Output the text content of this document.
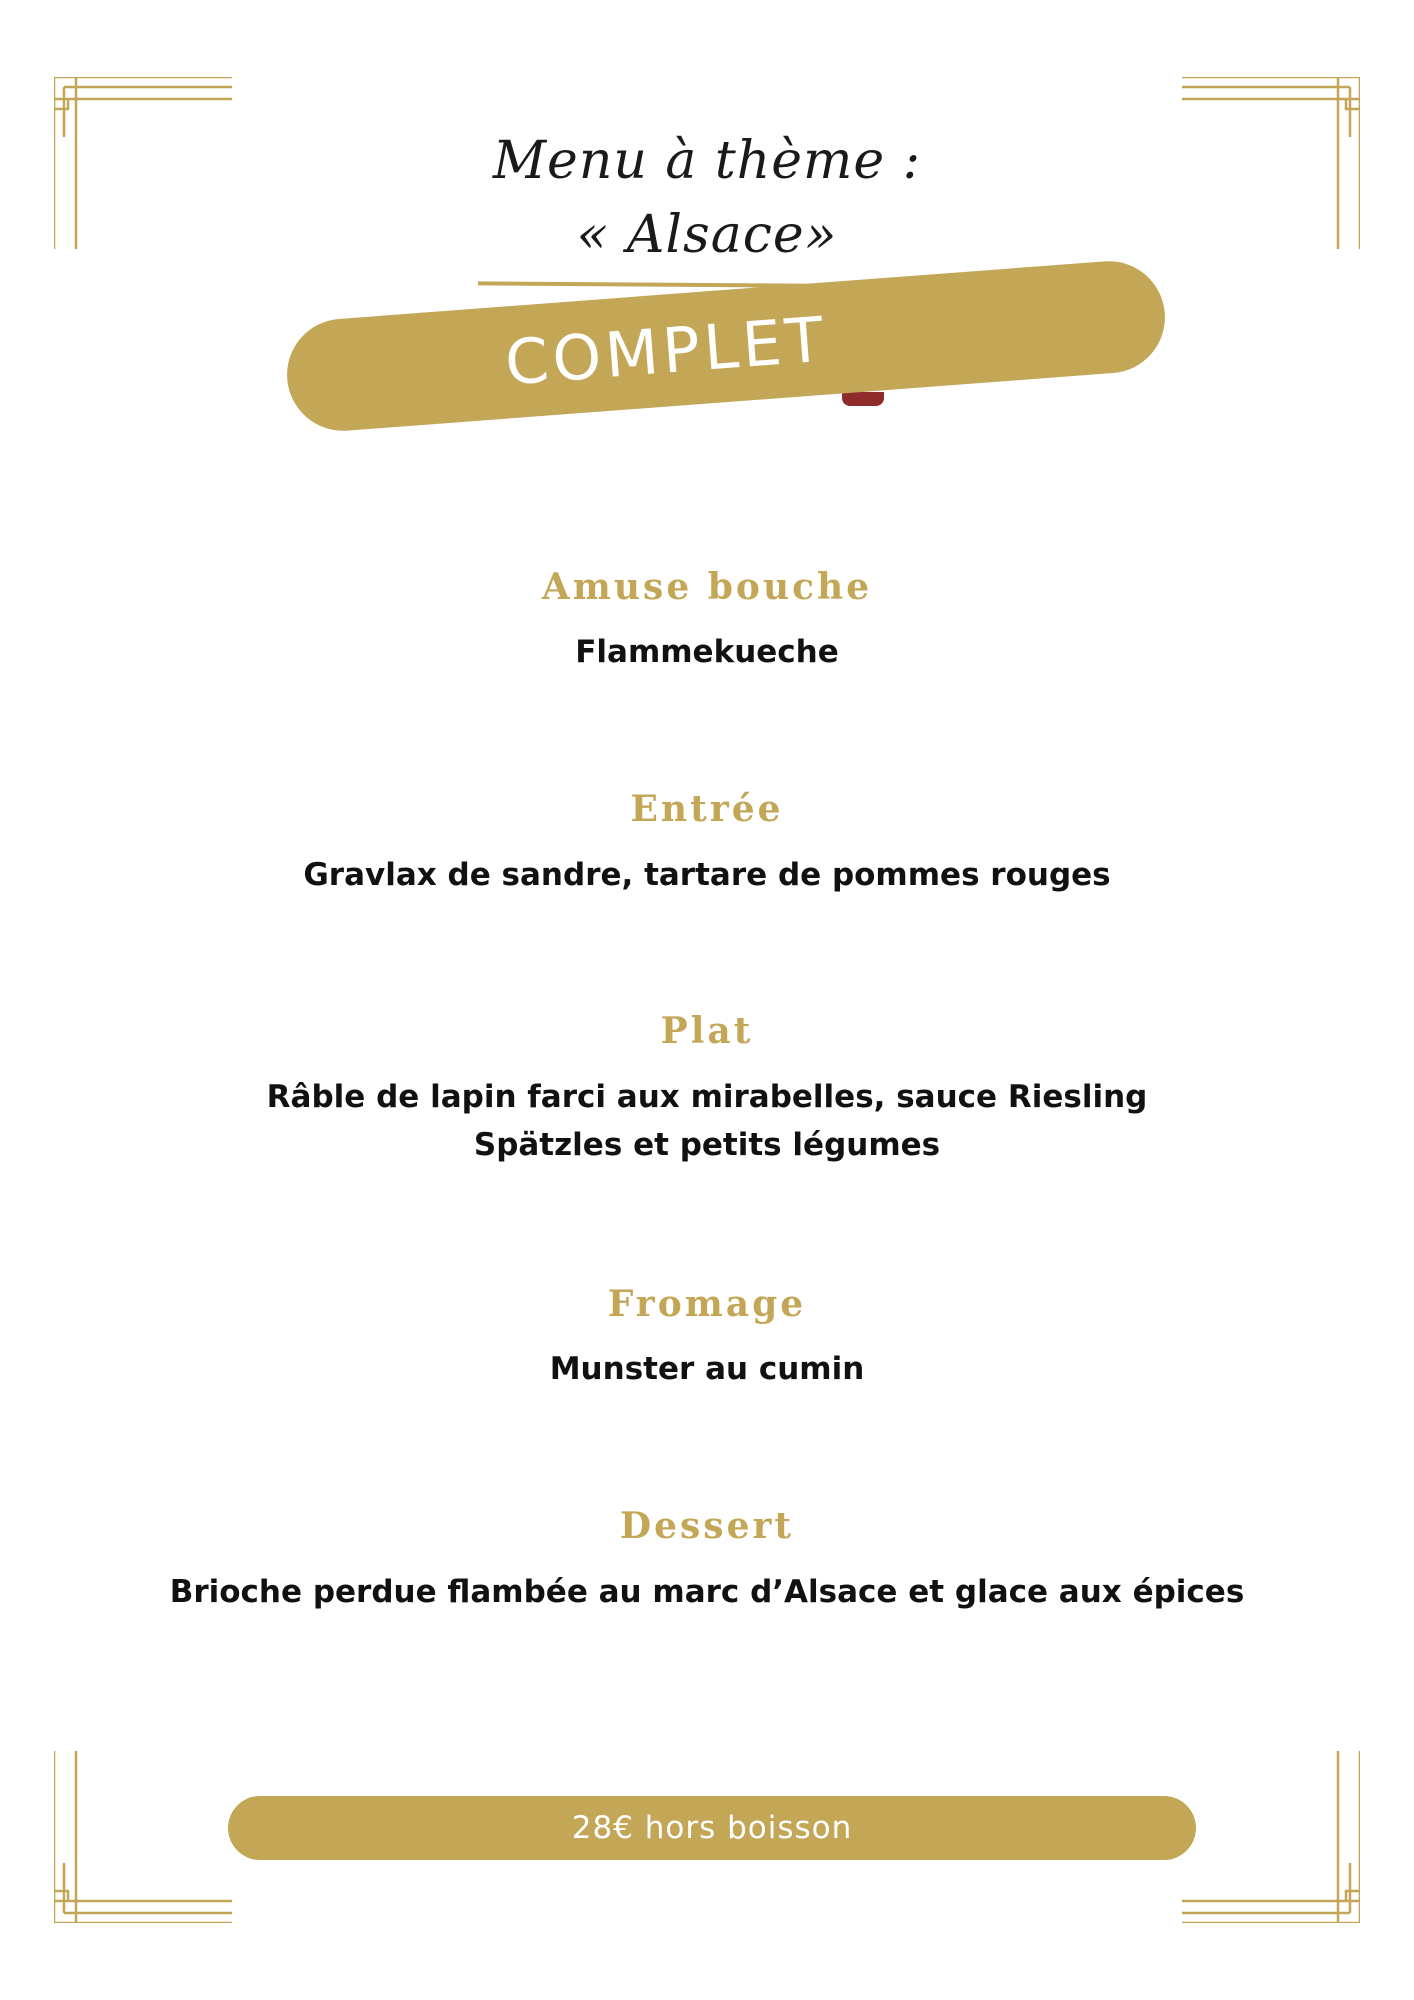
Menu à thème :
« Alsace»
COMPLET
Amuse bouche
Flammekueche
Entrée
Gravlax de sandre, tartare de pommes rouges
Plat
Râble de lapin farci aux mirabelles, sauce Riesling
Spätzles et petits légumes
Fromage
Munster au cumin
Dessert
Brioche perdue flambée au marc d’Alsace et glace aux épices
28€ hors boisson
